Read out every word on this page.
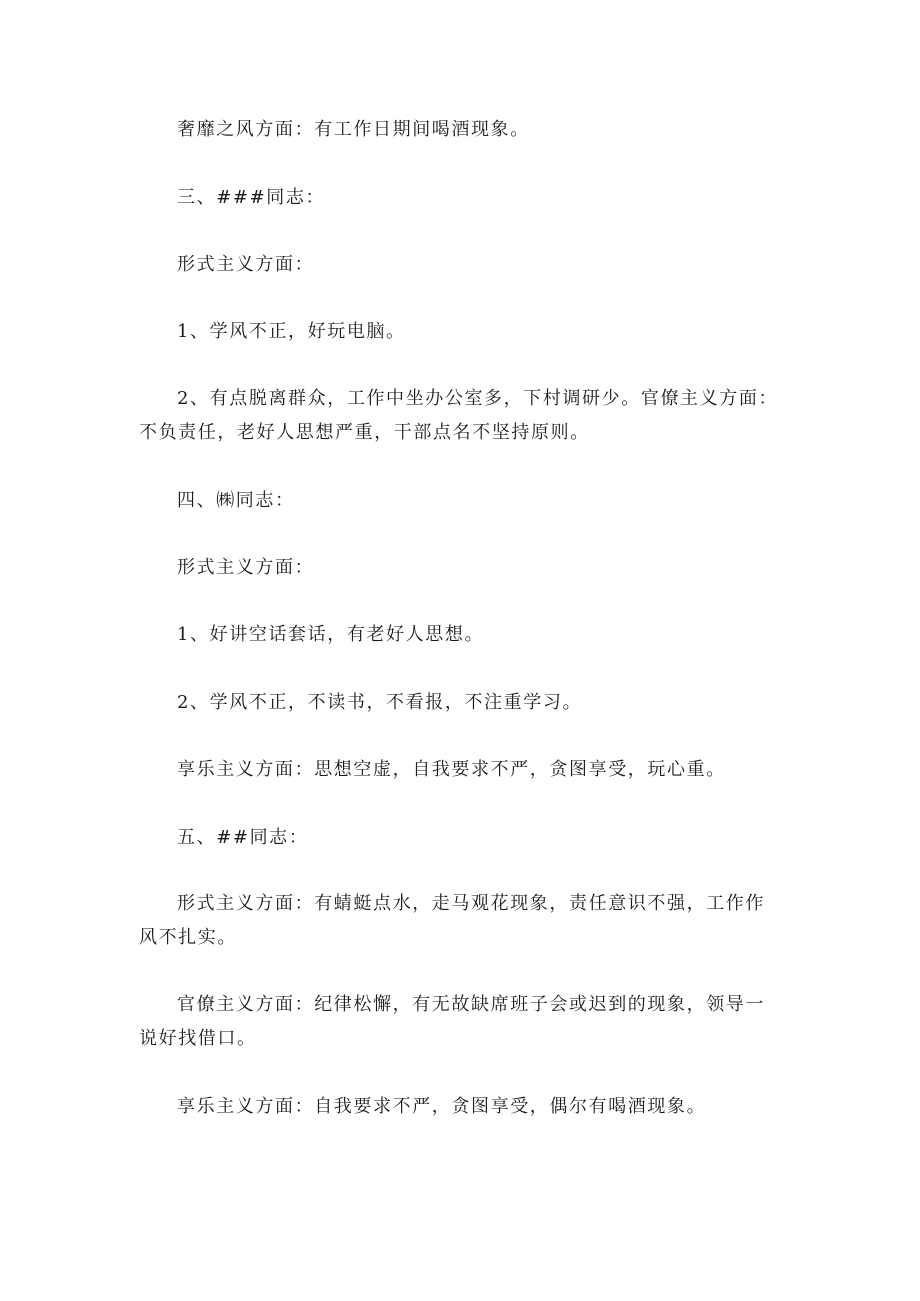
奢靡之风方面：有工作日期间喝酒现象。

三、###同志：

形式主义方面：

1、学风不正，好玩电脑。

2、有点脱离群众，工作中坐办公室多，下村调研少。官僚主义方面：不负责任，老好人思想严重，干部点名不坚持原则。

四、㈱同志：

形式主义方面：

1、好讲空话套话，有老好人思想。

2、学风不正，不读书，不看报，不注重学习。

享乐主义方面：思想空虚，自我要求不严，贪图享受，玩心重。

五、##同志：

形式主义方面：有蜻蜓点水，走马观花现象，责任意识不强，工作作风不扎实。

官僚主义方面：纪律松懈，有无故缺席班子会或迟到的现象，领导一说好找借口。

享乐主义方面：自我要求不严，贪图享受，偶尔有喝酒现象。
